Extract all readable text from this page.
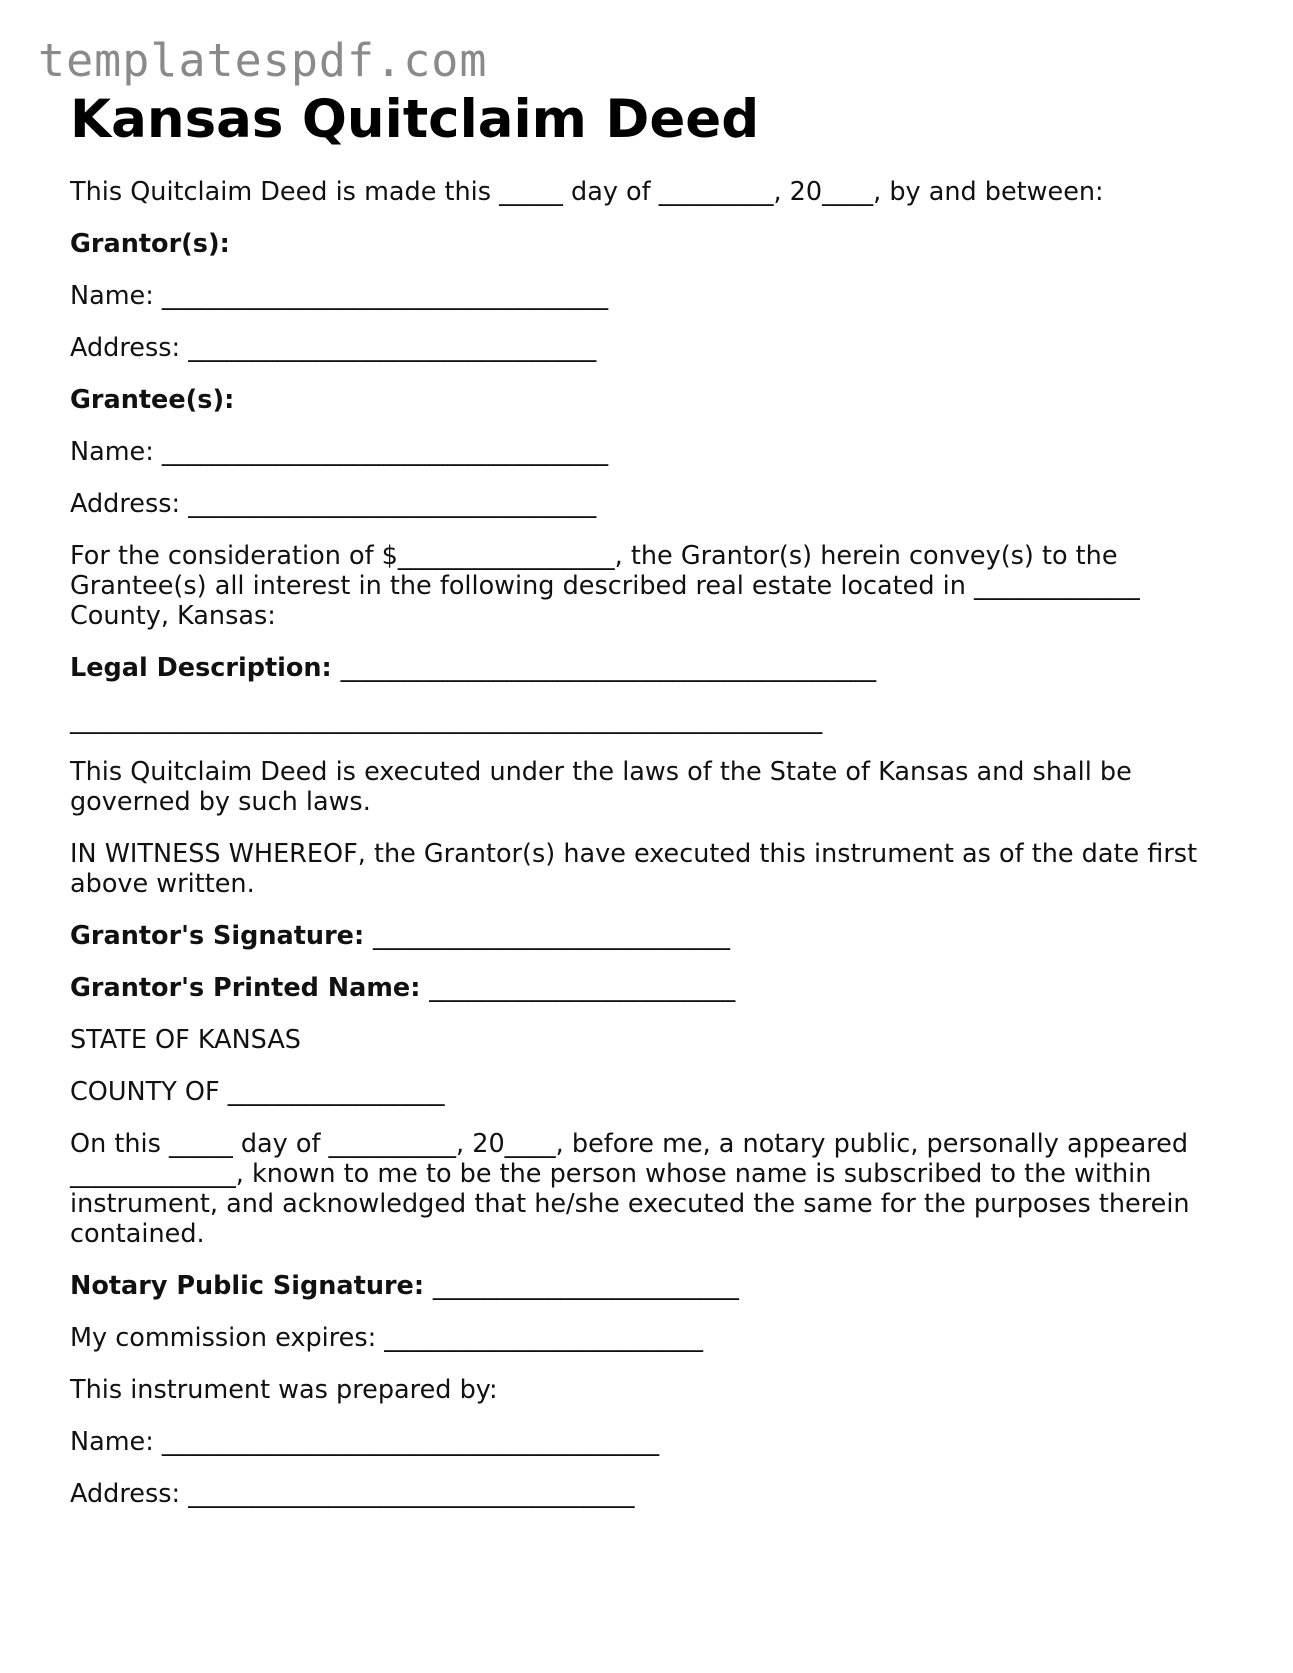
templatespdf.com
Kansas Quitclaim Deed

This Quitclaim Deed is made this _____ day of _________, 20____, by and between:

Grantor(s):

Name: ___________________________________

Address: ________________________________

Grantee(s):

Name: ___________________________________

Address: ________________________________

For the consideration of $_________________, the Grantor(s) herein convey(s) to the Grantee(s) all interest in the following described real estate located in _____________ County, Kansas:

Legal Description: __________________________________________

___________________________________________________________

This Quitclaim Deed is executed under the laws of the State of Kansas and shall be governed by such laws.

IN WITNESS WHEREOF, the Grantor(s) have executed this instrument as of the date first above written.

Grantor's Signature: ____________________________

Grantor's Printed Name: ________________________

STATE OF KANSAS

COUNTY OF _________________

On this _____ day of __________, 20____, before me, a notary public, personally appeared _____________, known to me to be the person whose name is subscribed to the within instrument, and acknowledged that he/she executed the same for the purposes therein contained.

Notary Public Signature: ________________________

My commission expires: _________________________

This instrument was prepared by:

Name: _______________________________________

Address: ___________________________________
